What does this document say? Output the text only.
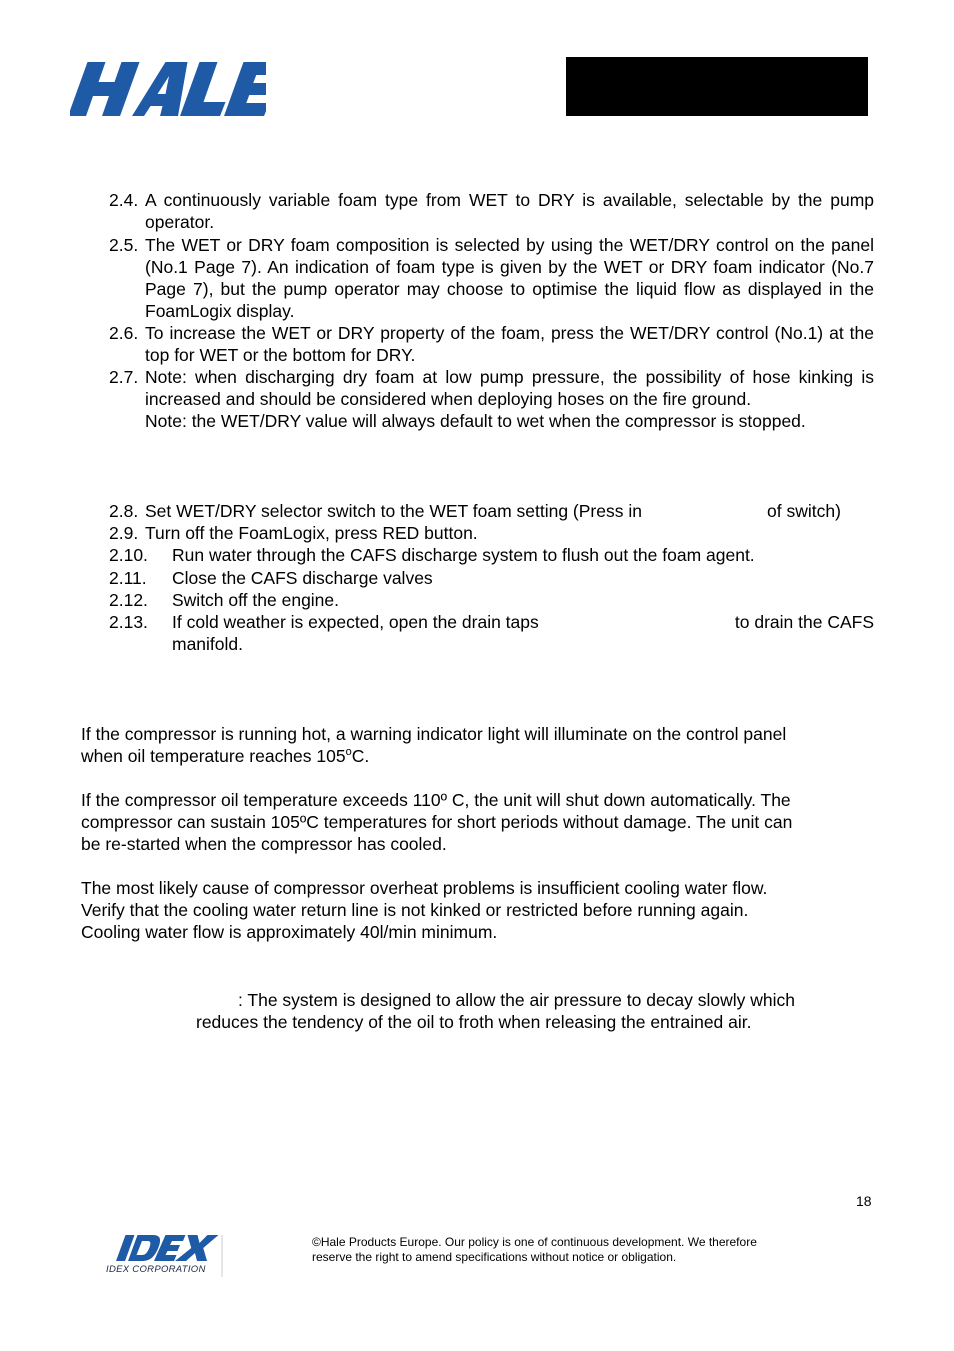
2.4. A continuously variable foam type from WET to DRY is available, selectable by the pump operator.
2.5. The WET or DRY foam composition is selected by using the WET/DRY control on the panel (No.1 Page 7). An indication of foam type is given by the WET or DRY foam indicator (No.7 Page 7), but the pump operator may choose to optimise the liquid flow as displayed in the FoamLogix display.
2.6. To increase the WET or DRY property of the foam, press the WET/DRY control (No.1) at the top for WET or the bottom for DRY.
2.7. Note: when discharging dry foam at low pump pressure, the possibility of hose kinking is increased and should be considered when deploying hoses on the fire ground.
Note: the WET/DRY value will always default to wet when the compressor is stopped.
2.8. Set WET/DRY selector switch to the WET foam setting (Press in	of switch)
2.9. Turn off the FoamLogix, press RED button.
2.10. Run water through the CAFS discharge system to flush out the foam agent.
2.11. Close the CAFS discharge valves
2.12. Switch off the engine.
2.13. If cold weather is expected, open the drain taps	to drain the CAFS
manifold.
If the compressor is running hot, a warning indicator light will illuminate on the control panel
when oil temperature reaches 105$^o$C.
If the compressor oil temperature exceeds 110º C, the unit will shut down automatically. The
compressor can sustain 105ºC temperatures for short periods without damage. The unit can
be re-started when the compressor has cooled.
The most likely cause of compressor overheat problems is insufficient cooling water flow.
Verify that the cooling water return line is not kinked or restricted before running again.
Cooling water flow is approximately 40l/min minimum.
: The system is designed to allow the air pressure to decay slowly which
reduces the tendency of the oil to froth when releasing the entrained air.
18
IDEX CORPORATION
©Hale Products Europe. Our policy is one of continuous development. We therefore
reserve the right to amend specifications without notice or obligation.
